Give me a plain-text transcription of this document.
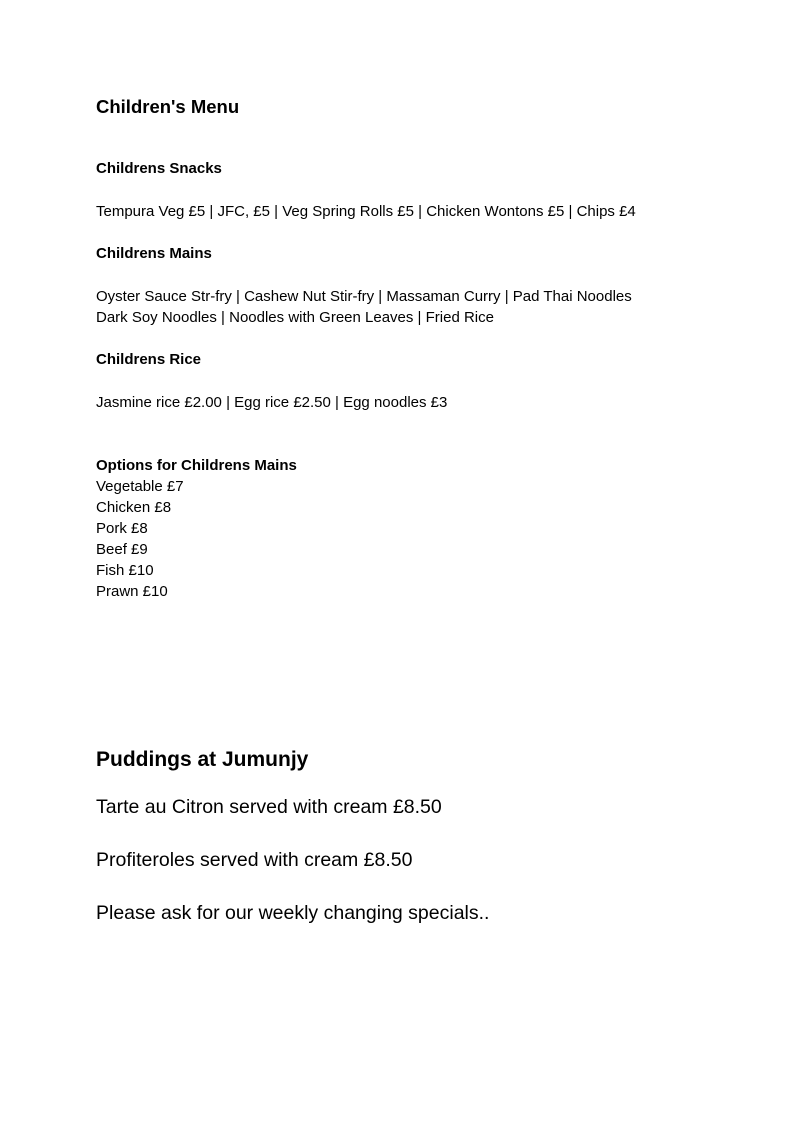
Children's Menu
Childrens Snacks
Tempura Veg £5 | JFC, £5 | Veg Spring Rolls £5 | Chicken Wontons £5 | Chips £4
Childrens Mains
Oyster Sauce Str-fry | Cashew Nut Stir-fry | Massaman Curry | Pad Thai Noodles
Dark Soy Noodles | Noodles with Green Leaves | Fried Rice
Childrens Rice
Jasmine rice £2.00 | Egg rice £2.50 | Egg noodles £3
Options for Childrens Mains
Vegetable £7
Chicken £8
Pork £8
Beef £9
Fish £10
Prawn £10
Puddings at Jumunjy
Tarte au Citron served with cream £8.50
Profiteroles served with cream £8.50
Please ask for our weekly changing specials..
